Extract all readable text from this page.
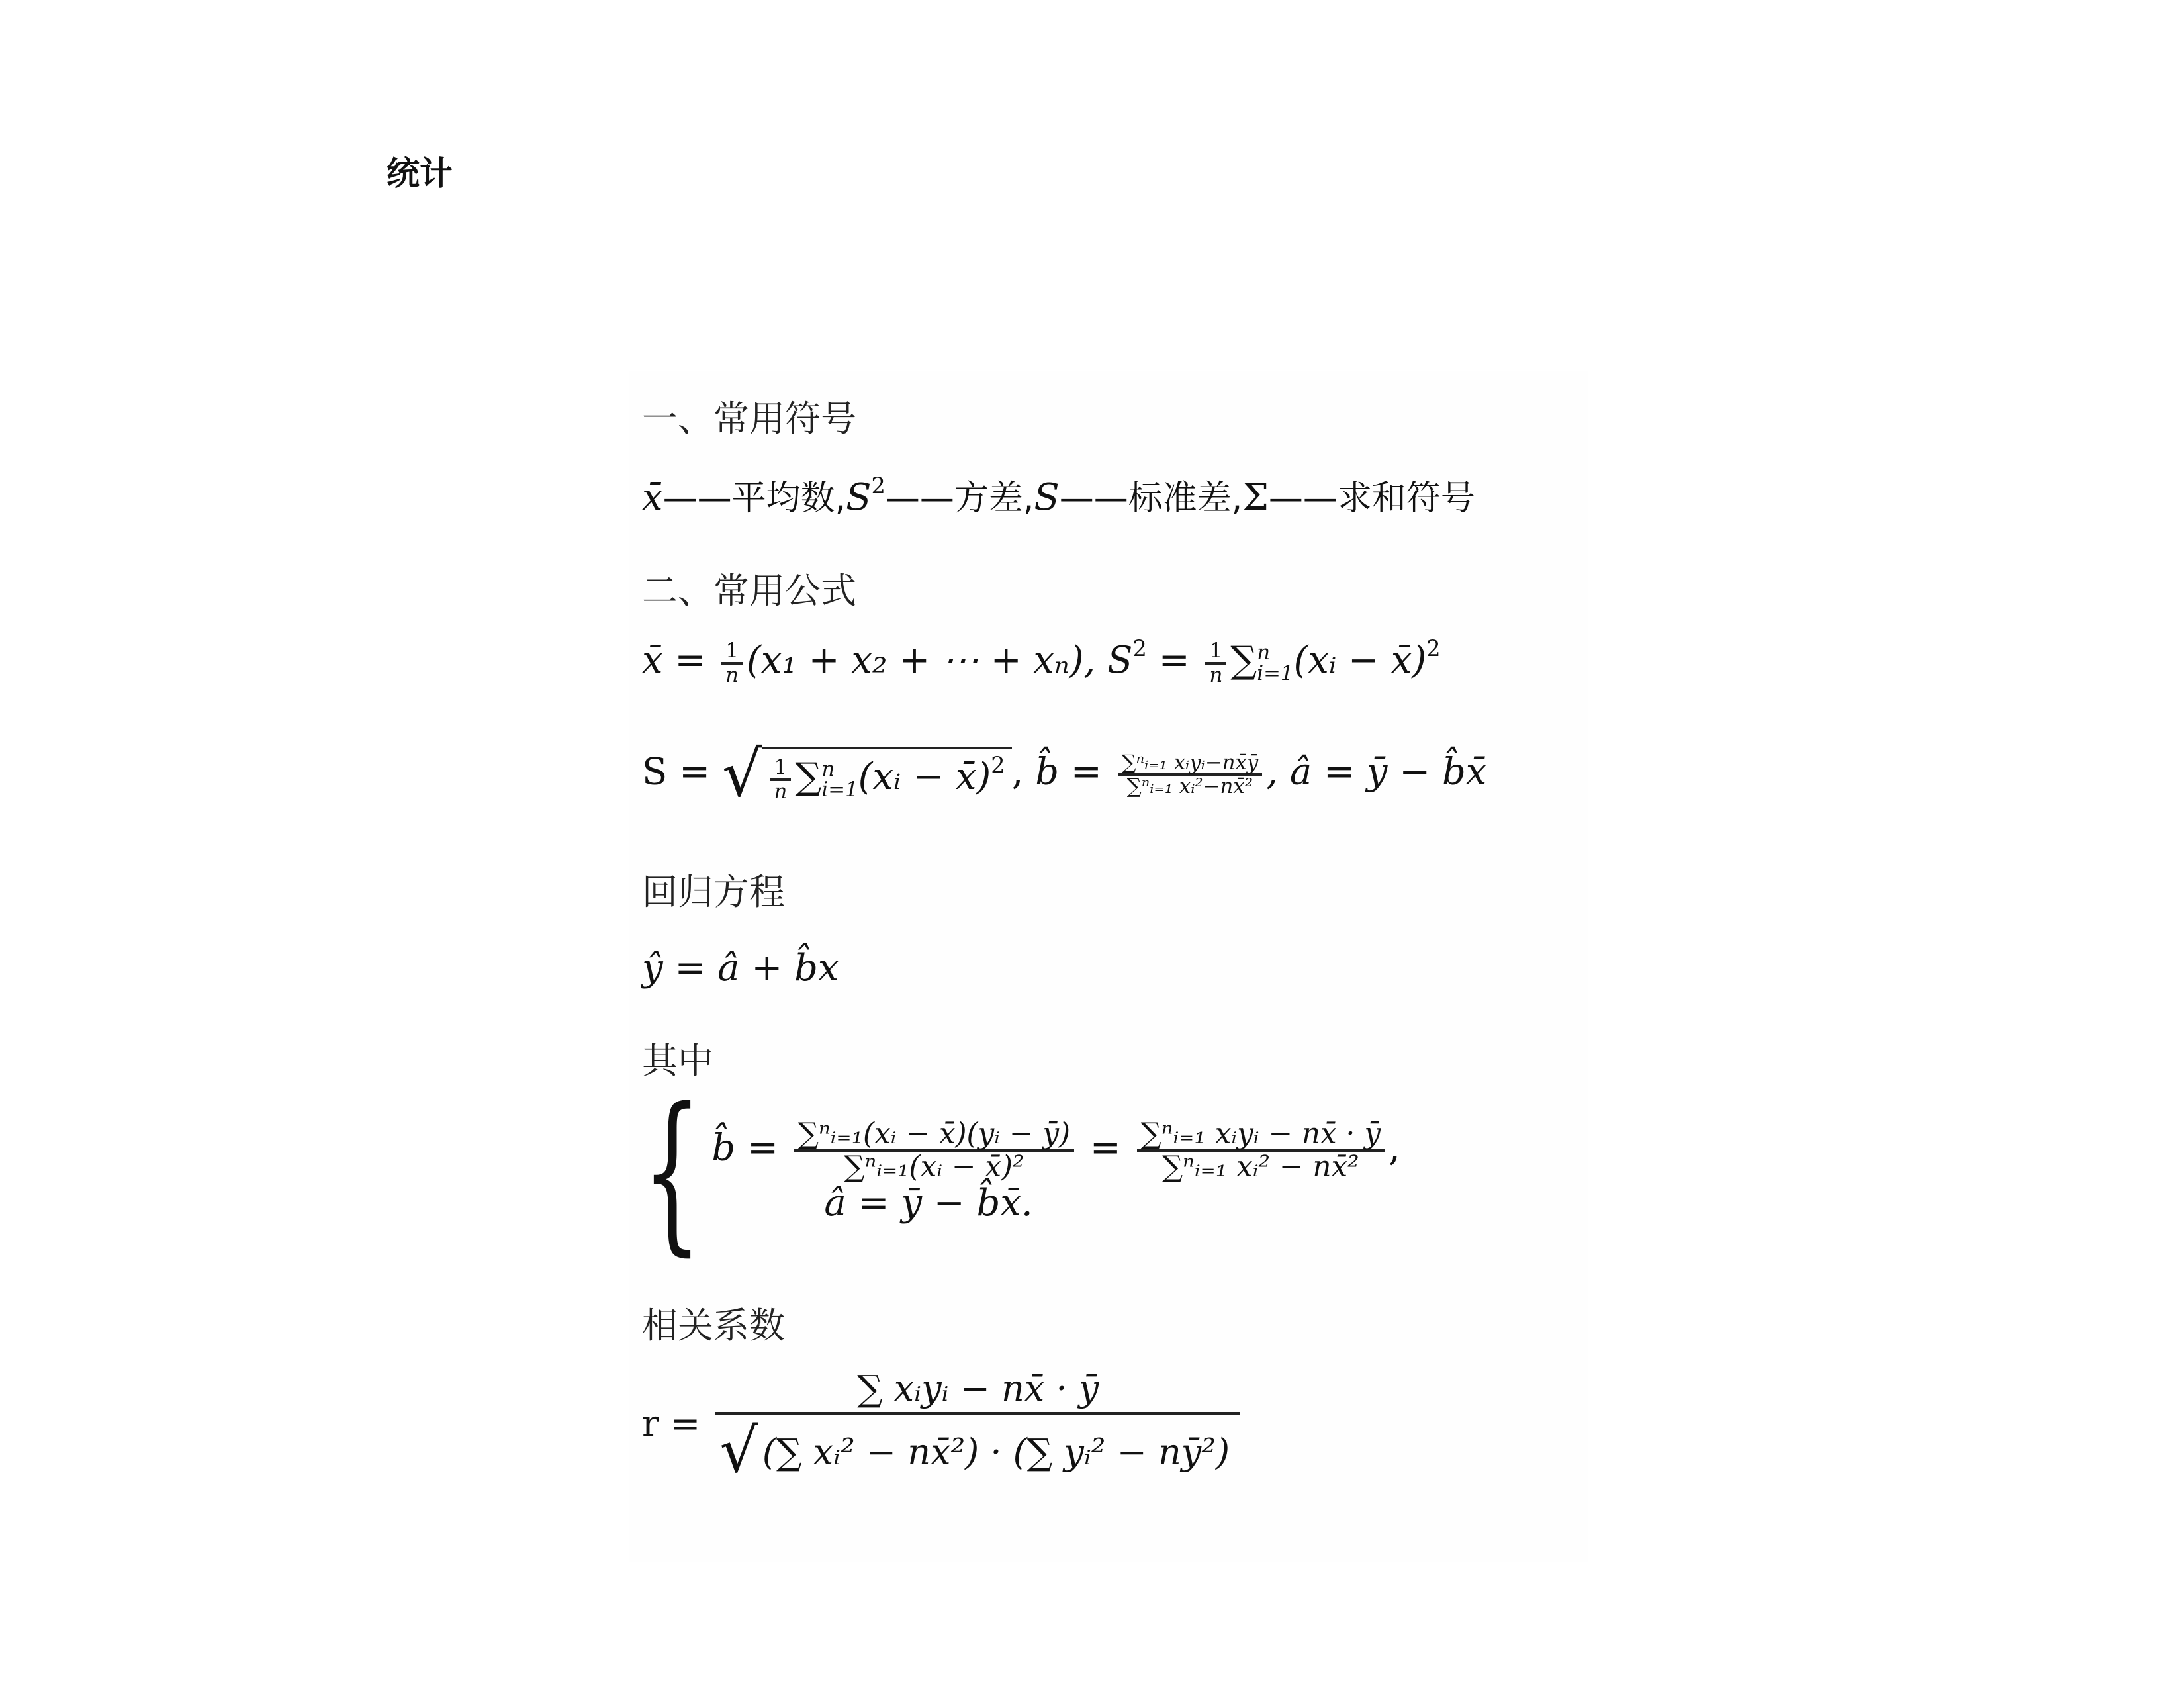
统计
一、常用符号
x̄——平均数$,S^2——$方差,S——标准差,Σ——求和符号
二、常用公式
x̄ = $\frac{1}{n} (x_1 + x_2$ + ⋯ + xₙ), $S^2 = \frac{1}{n}$ ∑ n
i=1 (xᵢ − x̄)$^2$
S = √ $\frac{1}{n}$ ∑ n
i=1 (xᵢ − x̄)$^2$ , b̂ = $\frac{\text{∑ⁿᵢ₌₁ xᵢyᵢ−nx̄ȳ}}{\text{∑ⁿᵢ₌₁ xᵢ²−nx̄²}}$ , â = ȳ − b̂x̄
回归方程
ŷ = â + b̂x
其中
{ b̂ = $\frac{\text{∑ⁿᵢ₌₁(xᵢ − x̄)(yᵢ − ȳ)}}{\text{∑ⁿᵢ₌₁(xᵢ − x̄)²}} = \frac{\text{∑ⁿᵢ₌₁ xᵢyᵢ − nx̄ · ȳ}}{\text{∑ⁿᵢ₌₁ xᵢ² − nx̄²}}$ ,
â = ȳ − b̂x̄.
相关系数
$r = \frac{\text{∑ xᵢyᵢ − nx̄ · ȳ}}{\text{√ (∑ xᵢ² − nx̄²) · (∑ yᵢ² − nȳ²)}}$
